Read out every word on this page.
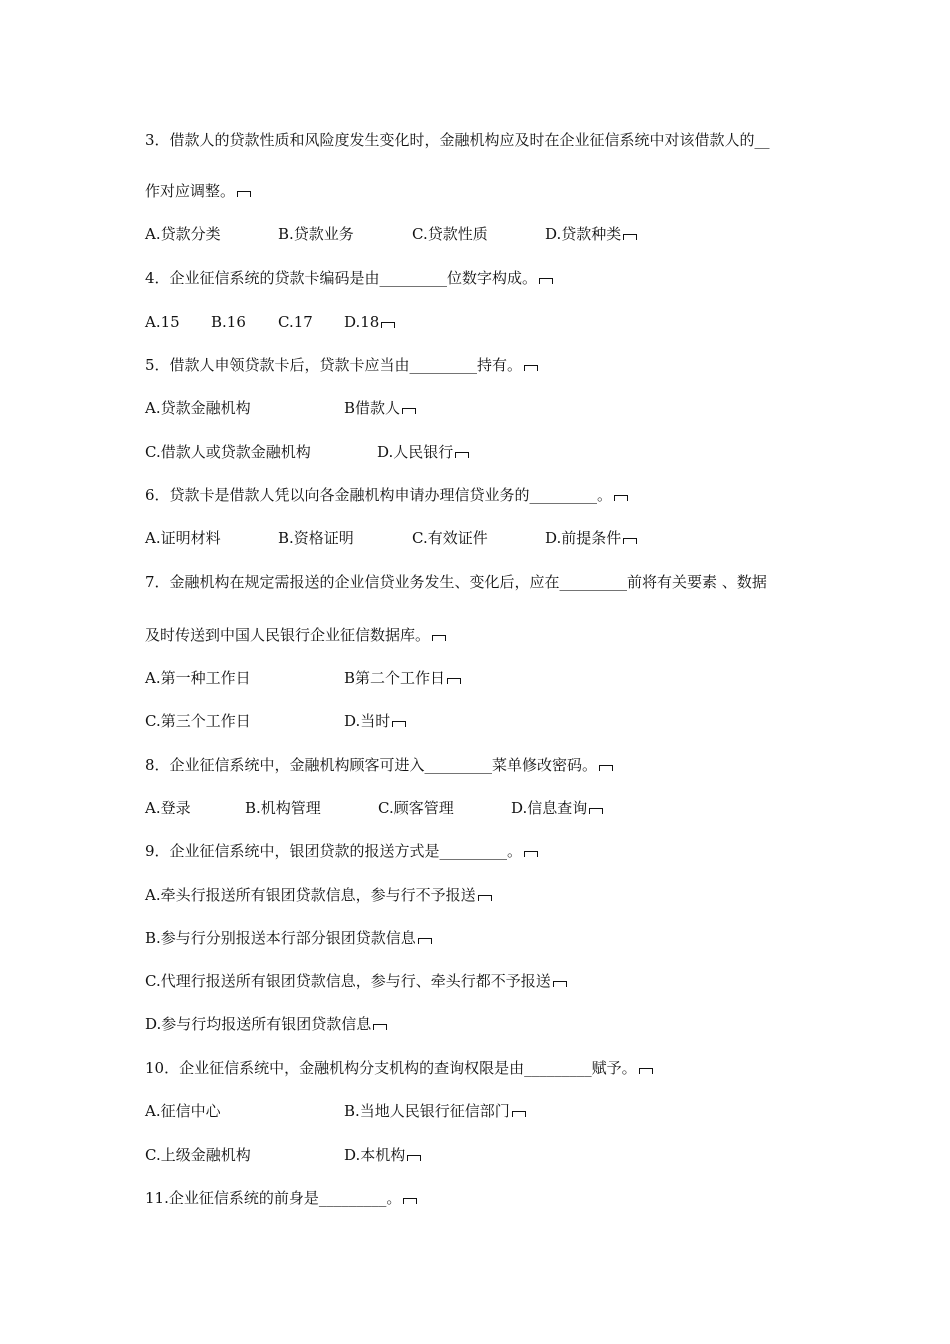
3．借款人的贷款性质和风险度发生变化时，金融机构应及时在企业征信系统中对该借款人的__
作对应调整。
A.贷款分类	B.贷款业务	C.贷款性质	D.贷款种类
4．企业征信系统的贷款卡编码是由_________位数字构成。
A.15 B.16 C.17 D.18
5．借款人申领贷款卡后，贷款卡应当由_________持有。
A.贷款金融机构	B借款人
C.借款人或贷款金融机构	D.人民银行
6．贷款卡是借款人凭以向各金融机构申请办理信贷业务的_________。
A.证明材料	B.资格证明	C.有效证件	D.前提条件
7．金融机构在规定需报送的企业信贷业务发生、变化后，应在_________前将有关要素 、数据
及时传送到中国人民银行企业征信数据库。
A.第一种工作日	B第二个工作日
C.第三个工作日	D.当时
8．企业征信系统中，金融机构顾客可进入_________菜单修改密码。
A.登录	B.机构管理	C.顾客管理	D.信息查询
9．企业征信系统中，银团贷款的报送方式是_________。
A.牵头行报送所有银团贷款信息，参与行不予报送
B.参与行分别报送本行部分银团贷款信息
C.代理行报送所有银团贷款信息，参与行、牵头行都不予报送
D.参与行均报送所有银团贷款信息
10．企业征信系统中，金融机构分支机构的查询权限是由_________赋予。
A.征信中心	B.当地人民银行征信部门
C.上级金融机构	D.本机构
11.企业征信系统的前身是_________。
